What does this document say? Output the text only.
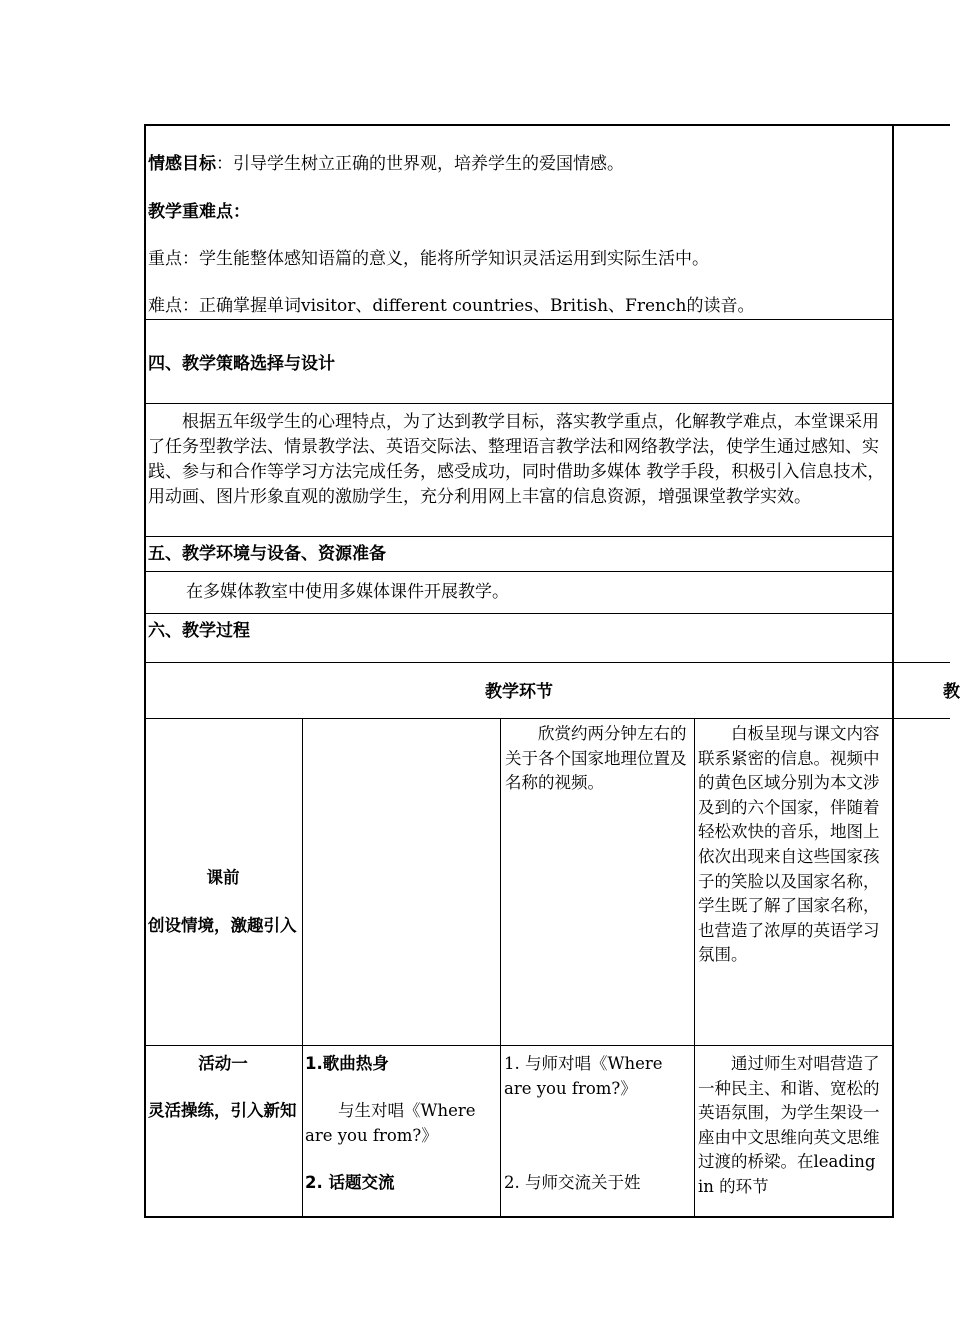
情感目标：引导学生树立正确的世界观，培养学生的爱国情感。
教学重难点：
重点：学生能整体感知语篇的意义，能将所学知识灵活运用到实际生活中。
难点：正确掌握单词visitor、different countries、British、French的读音。
四、教学策略选择与设计
根据五年级学生的心理特点，为了达到教学目标，落实教学重点，化解教学难点，本堂课采用 了任务型教学法、情景教学法、英语交际法、整理语言教学法和网络教学法，使学生通过感知、实践、参与和合作等学习方法完成任务，感受成功，同时借助多媒体 教学手段，积极引入信息技术，用动画、图片形象直观的激励学生，充分利用网上丰富的信息资源，增强课堂教学实效。
五、教学环境与设备、资源准备
在多媒体教室中使用多媒体课件开展教学。
六、教学过程
教学环节	教
课前
创设情境，激趣引入
欣赏约两分钟左右的关于各个国家地理位置及名称的视频。
白板呈现与课文内容联系紧密的信息。视频中的黄色区域分别为本文涉及到的六个国家，伴随着轻松欢快的音乐，地图上依次出现来自这些国家孩子的笑脸以及国家名称，学生既了解了国家名称，也营造了浓厚的英语学习氛围。
活动一
灵活操练，引入新知
1.歌曲热身
与生对唱《Where are you from?》
2. 话题交流
1. 与师对唱《Where are you from?》
2. 与师交流关于姓
通过师生对唱营造了一种民主、和谐、宽松的英语氛围，为学生架设一座由中文思维向英文思维过渡的桥梁。在leading in 的环节
